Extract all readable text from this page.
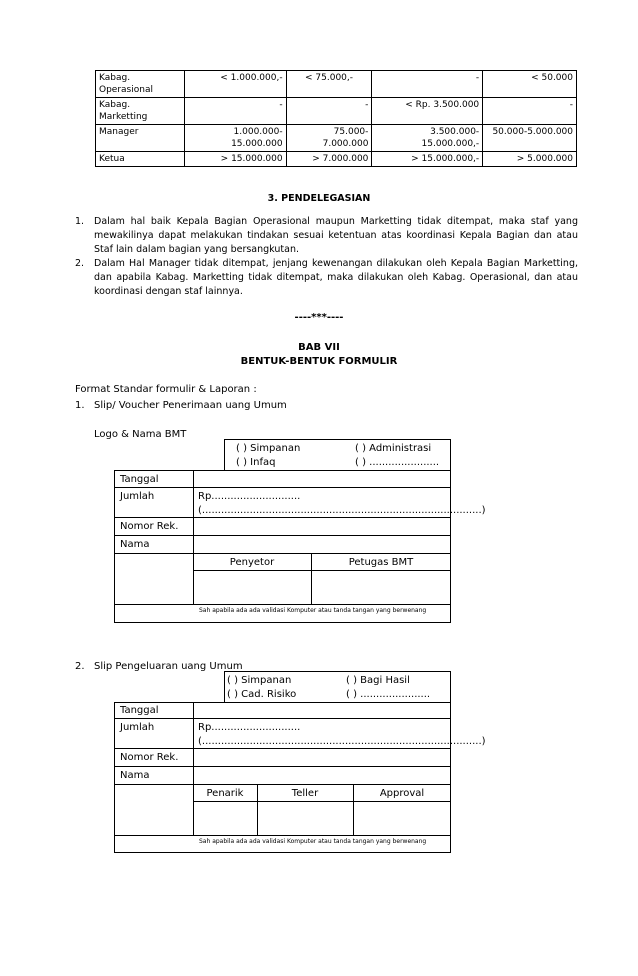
Kabag. Operasional	< 1.000.000,-	< 75.000,-	-	< 50.000
Kabag. Marketting	-	-	< Rp. 3.500.000	-
Manager	1.000.000- 15.000.000	75.000- 7.000.000	3.500.000- 15.000.000,-	50.000-5.000.000
Ketua	> 15.000.000	> 7.000.000	> 15.000.000,-	> 5.000.000
3. PENDELEGASIAN
1. Dalam hal baik Kepala Bagian Operasional maupun Marketting tidak ditempat, maka staf yang mewakilinya dapat melakukan tindakan sesuai ketentuan atas koordinasi Kepala Bagian dan atau Staf lain dalam bagian yang bersangkutan.
2. Dalam Hal Manager tidak ditempat, jenjang kewenangan dilakukan oleh Kepala Bagian Marketting, dan apabila Kabag. Marketting tidak ditempat, maka dilakukan oleh Kabag. Operasional, dan atau koordinasi dengan staf lainnya.
----***----
BAB VII
BENTUK-BENTUK FORMULIR
Format Standar formulir & Laporan :
1. Slip/ Voucher Penerimaan uang Umum
Logo & Nama BMT
( ) Simpanan	( ) Administrasi
( ) Infaq	( ) ......................
Tanggal
Jumlah	Rp............................
(........................................................................................)
Nomor Rek.
Nama
Penyetor	Petugas BMT
Sah apabila ada ada validasi Komputer atau tanda tangan yang berwenang
2. Slip Pengeluaran uang Umum
( ) Simpanan	( ) Bagi Hasil
( ) Cad. Risiko	( ) ......................
Tanggal
Jumlah	Rp............................
(........................................................................................)
Nomor Rek.
Nama
Penarik	Teller	Approval
Sah apabila ada ada validasi Komputer atau tanda tangan yang berwenang
